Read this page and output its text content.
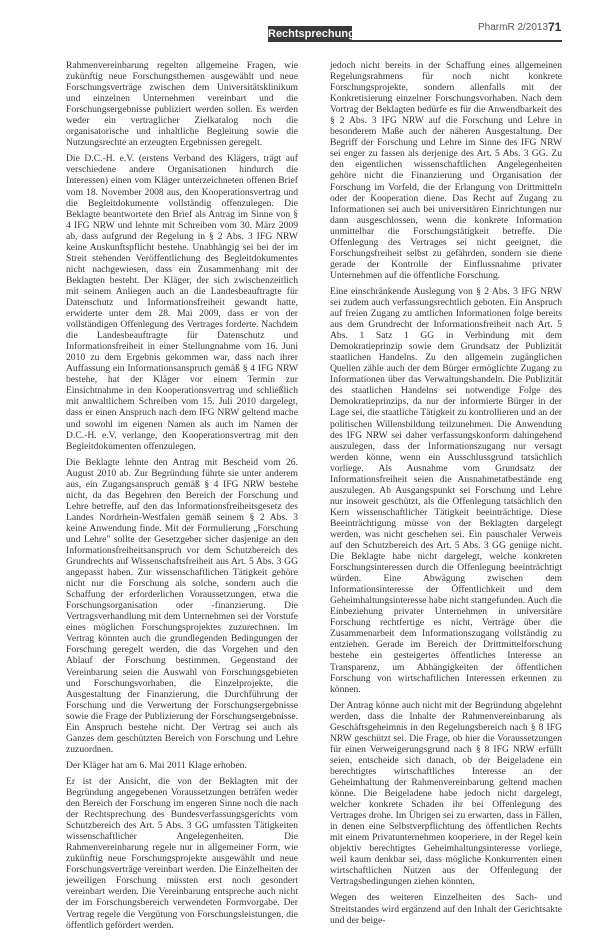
Rechtsprechung
PharmR 2/2013 71

Rahmenvereinbarung regelten allgemeine Fragen, wie zukünftig neue Forschungsthemen ausgewählt und neue Forschungsverträge zwischen dem Universitätsklinikum und einzelnen Unternehmen vereinbart und die Forschungsergebnisse publiziert werden sollen. Es werden weder ein vertraglicher Zielkatalog noch die organisatorische und inhaltliche Begleitung sowie die Nutzungsrechte an erzeugten Ergebnissen geregelt.

Die D.C.-H. e.V. (erstens Verband des Klägers, trägt auf verschiedene andere Organisationen hindurch die Interessen) einen vom Kläger unterzeichneten offenen Brief vom 18. November 2008 aus, den Kooperationsvertrag und die Begleitdokumente vollständig offenzulegen. Die Beklagte beantwortete den Brief als Antrag im Sinne von § 4 IFG NRW und lehnte mit Schreiben vom 30. März 2009 ab, dass aufgrund der Regelung in § 2 Abs. 3 IFG NRW keine Auskunftspflicht bestehe. Unabhängig sei bei der im Streit stehenden Veröffentlichung des Begleitdokumentes nicht nachgewiesen, dass ein Zusammenhang mit der Beklagten besteht. Der Kläger, der sich zwischenzeitlich mit seinem Anliegen auch an die Landesbeauftragte für Datenschutz und Informationsfreiheit gewandt hatte, erwiderte unter dem 28. Mai 2009, dass er von der vollständigen Offenlegung des Vertrages forderte. Nachdem die Landesbeauftragte für Datenschutz und Informationsfreiheit in einer Stellungnahme vom 16. Juni 2010 zu dem Ergebnis gekommen war, dass nach ihrer Auffassung ein Informationsanspruch gemäß § 4 IFG NRW bestehe, hat der Kläger vor einem Termin zur Einsichtnahme in den Kooperationsvertrag und schließlich mit anwaltlichem Schreiben vom 15. Juli 2010 dargelegt, dass er einen Anspruch nach dem IFG NRW geltend mache und sowohl im eigenen Namen als auch im Namen der D.C.-H. e.V. verlange, den Kooperationsvertrag mit den Begleitdokumenten offenzulegen.

Die Beklagte lehnte den Antrag mit Bescheid vom 26. August 2010 ab. Zur Begründung führte sie unter anderem aus, ein Zugangsanspruch gemäß § 4 IFG NRW bestehe nicht, da das Begehren den Bereich der Forschung und Lehre betreffe, auf den das Informationsfreiheitsgesetz des Landes Nordrhein-Westfalen gemäß seinem § 2 Abs. 3 keine Anwendung finde. Mit der Formulierung „Forschung und Lehre" sollte der Gesetzgeber sicher dasjenige an den Informationsfreiheitsanspruch vor dem Schutzbereich des Grundrechts auf Wissenschaftsfreiheit aus Art. 5 Abs. 3 GG angepasst haben. Zur wissenschaftlichen Tätigkeit gehöre nicht nur die Forschung als solche, sondern auch die Schaffung der erforderlichen Voraussetzungen, etwa die Forschungsorganisation oder -finanzierung. Die Vertragsverhandlung mit dem Unternehmen sei der Vorstufe eines möglichen Forschungsprojektes zuzurechnen. Im Vertrag könnten auch die grundlegenden Bedingungen der Forschung geregelt werden, die das Vorgehen und den Ablauf der Forschung bestimmen. Gegenstand der Vereinbarung seien die Auswahl von Forschungsgebieten und Forschungsvorhaben, die Einzelprojekte, die Ausgestaltung der Finanzierung, die Durchführung der Forschung und die Verwertung der Forschungsergebnisse sowie die Frage der Publizierung der Forschungsergebnisse. Ein Anspruch bestehe nicht. Der Vertrag sei auch als Ganzes dem geschützten Bereich von Forschung und Lehre zuzuordnen.

Der Kläger hat am 6. Mai 2011 Klage erhoben.

Er ist der Ansicht, die von der Beklagten mit der Begründung angegebenen Voraussetzungen beträfen weder den Bereich der Forschung im engeren Sinne noch die nach der Rechtsprechung des Bundesverfassungsgerichts vom Schutzbereich des Art. 5 Abs. 3 GG umfassten Tätigkeiten wissenschaftlicher Angelegenheiten. Die Rahmenvereinbarung regele nur in allgemeiner Form, wie zukünftig neue Forschungsprojekte ausgewählt und neue Forschungsverträge vereinbart werden. Die Einzelheiten der jeweiligen Forschung müssten erst noch gesondert vereinbart werden. Die Vereinbarung entspreche auch nicht der im Forschungsbereich verwendeten Formvorgabe. Der Vertrag regele die Vergütung von Forschungsleistungen, die öffentlich gefördert werden.

jedoch nicht bereits in der Schaffung eines allgemeinen Regelungsrahmens für noch nicht konkrete Forschungsprojekte, sondern allenfalls mit der Konkretisierung einzelner Forschungsvorhaben. Nach dem Vortrag der Beklagten bedürfe es für die Anwendbarkeit des § 2 Abs. 3 IFG NRW auf die Forschung und Lehre in besonderem Maße auch der näheren Ausgestaltung. Der Begriff der Forschung und Lehre im Sinne des IFG NRW sei enger zu fassen als derjenige des Art. 5 Abs. 3 GG. Zu den eigentlichen wissenschaftlichen Angelegenheiten gehöre nicht die Finanzierung und Organisation der Forschung im Vorfeld, die der Erlangung von Drittmitteln oder der Kooperation diene. Das Recht auf Zugang zu Informationen sei auch bei universitären Einrichtungen nur dann ausgeschlossen, wenn die konkrete Information unmittelbar die Forschungstätigkeit betreffe. Die Offenlegung des Vertrages sei nicht geeignet, die Forschungsfreiheit selbst zu gefährden, sondern sie diene gerade der Kontrolle der Einflussnahme privater Unternehmen auf die öffentliche Forschung.

Eine einschränkende Auslegung von § 2 Abs. 3 IFG NRW sei zudem auch verfassungsrechtlich geboten. Ein Anspruch auf freien Zugang zu amtlichen Informationen folge bereits aus dem Grundrecht der Informationsfreiheit nach Art. 5 Abs. 1 Satz 1 GG in Verbindung mit dem Demokratieprinzip sowie dem Grundsatz der Publizität staatlichen Handelns. Zu den allgemein zugänglichen Quellen zähle auch der dem Bürger ermöglichte Zugang zu Informationen über das Verwaltungshandeln. Die Publizität des staatlichen Handelns sei notwendige Folge des Demokratieprinzips, da nur der informierte Bürger in der Lage sei, die staatliche Tätigkeit zu kontrollieren und an der politischen Willensbildung teilzunehmen. Die Anwendung des IFG NRW sei daher verfassungskonform dahingehend auszulegen, dass der Informationszugang nur versagt werden könne, wenn ein Ausschlussgrund tatsächlich vorliege. Als Ausnahme vom Grundsatz der Informationsfreiheit seien die Ausnahmetatbestände eng auszulegen. Ab Ausgangspunkt sei Forschung und Lehre nur insoweit geschützt, als die Offenlegung tatsächlich den Kern wissenschaftlicher Tätigkeit beeinträchtige. Diese Beeinträchtigung müsse von der Beklagten dargelegt werden, was nicht geschehen sei. Ein pauschaler Verweis auf den Schutzbereich des Art. 5 Abs. 3 GG genüge nicht. Die Beklagte habe nicht dargelegt, welche konkreten Forschungsinteressen durch die Offenlegung beeinträchtigt würden. Eine Abwägung zwischen dem Informationsinteresse der Öffentlichkeit und dem Geheimhaltungsinteresse habe nicht stattgefunden. Auch die Einbeziehung privater Unternehmen in universitäre Forschung rechtfertige es nicht, Verträge über die Zusammenarbeit dem Informationszugang vollständig zu entziehen. Gerade im Bereich der Drittmittelforschung bestehe ein gesteigertes öffentliches Interesse an Transparenz, um Abhängigkeiten der öffentlichen Forschung von wirtschaftlichen Interessen erkennen zu können.

Der Antrag könne auch nicht mit der Begründung abgelehnt werden, dass die Inhalte der Rahmenvereinbarung als Geschäftsgeheimnis in den Regelungsbereich nach § 8 IFG NRW geschützt sei. Die Frage, ob hier die Voraussetzungen für einen Verweigerungsgrund nach § 8 IFG NRW erfüllt seien, entscheide sich danach, ob der Beigeladene ein berechtigtes wirtschaftliches Interesse an der Geheimhaltung der Rahmenvereinbarung geltend machen könne. Die Beigeladene habe jedoch nicht dargelegt, welcher konkrete Schaden ihr bei Offenlegung des Vertrages drohe. Im Übrigen sei zu erwarten, dass in Fällen, in denen eine Selbstverpflichtung des öffentlichen Rechts mit einem Privatunternehmen kooperiere, in der Regel kein objektiv berechtigtes Geheimhaltungsinteresse vorliege, weil kaum denkbar sei, dass mögliche Konkurrenten einen wirtschaftlichen Nutzen aus der Offenlegung der Vertragsbedingungen ziehen könnten.

Wegen des weiteren Einzelheiten des Sach- und Streitstandes wird ergänzend auf den Inhalt der Gerichtsakte und der beige-
